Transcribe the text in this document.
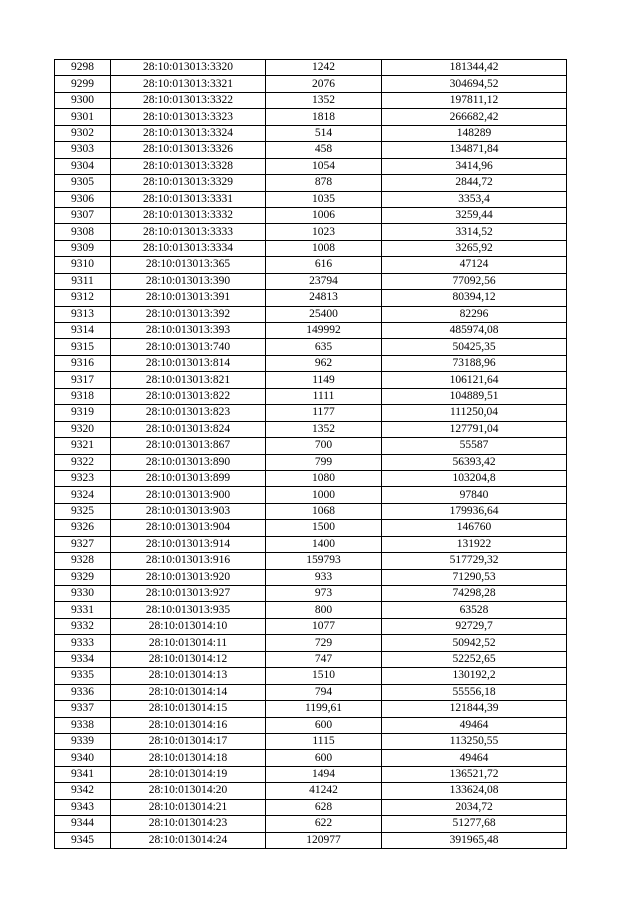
9298	28:10:013013:3320	1242	181344,42
9299	28:10:013013:3321	2076	304694,52
9300	28:10:013013:3322	1352	197811,12
9301	28:10:013013:3323	1818	266682,42
9302	28:10:013013:3324	514	148289
9303	28:10:013013:3326	458	134871,84
9304	28:10:013013:3328	1054	3414,96
9305	28:10:013013:3329	878	2844,72
9306	28:10:013013:3331	1035	3353,4
9307	28:10:013013:3332	1006	3259,44
9308	28:10:013013:3333	1023	3314,52
9309	28:10:013013:3334	1008	3265,92
9310	28:10:013013:365	616	47124
9311	28:10:013013:390	23794	77092,56
9312	28:10:013013:391	24813	80394,12
9313	28:10:013013:392	25400	82296
9314	28:10:013013:393	149992	485974,08
9315	28:10:013013:740	635	50425,35
9316	28:10:013013:814	962	73188,96
9317	28:10:013013:821	1149	106121,64
9318	28:10:013013:822	1111	104889,51
9319	28:10:013013:823	1177	111250,04
9320	28:10:013013:824	1352	127791,04
9321	28:10:013013:867	700	55587
9322	28:10:013013:890	799	56393,42
9323	28:10:013013:899	1080	103204,8
9324	28:10:013013:900	1000	97840
9325	28:10:013013:903	1068	179936,64
9326	28:10:013013:904	1500	146760
9327	28:10:013013:914	1400	131922
9328	28:10:013013:916	159793	517729,32
9329	28:10:013013:920	933	71290,53
9330	28:10:013013:927	973	74298,28
9331	28:10:013013:935	800	63528
9332	28:10:013014:10	1077	92729,7
9333	28:10:013014:11	729	50942,52
9334	28:10:013014:12	747	52252,65
9335	28:10:013014:13	1510	130192,2
9336	28:10:013014:14	794	55556,18
9337	28:10:013014:15	1199,61	121844,39
9338	28:10:013014:16	600	49464
9339	28:10:013014:17	1115	113250,55
9340	28:10:013014:18	600	49464
9341	28:10:013014:19	1494	136521,72
9342	28:10:013014:20	41242	133624,08
9343	28:10:013014:21	628	2034,72
9344	28:10:013014:23	622	51277,68
9345	28:10:013014:24	120977	391965,48
